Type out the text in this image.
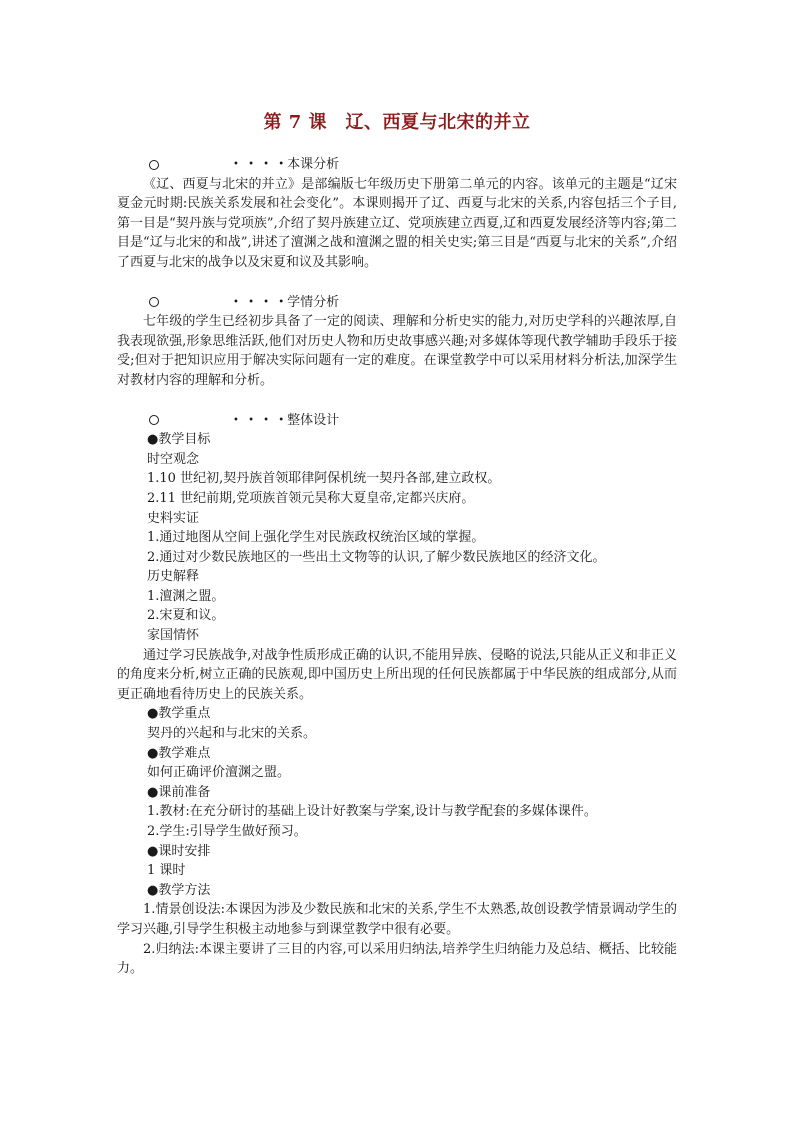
第 7 课　辽、西夏与北宋的并立
• • • • 本课分析

《辽、西夏与北宋的并立》是部编版七年级历史下册第二单元的内容。该单元的主题是“辽宋夏金元时期:民族关系发展和社会变化”。本课则揭开了辽、西夏与北宋的关系,内容包括三个子目,第一目是“契丹族与党项族”,介绍了契丹族建立辽、党项族建立西夏,辽和西夏发展经济等内容;第二目是“辽与北宋的和战”,讲述了澶渊之战和澶渊之盟的相关史实;第三目是“西夏与北宋的关系”,介绍了西夏与北宋的战争以及宋夏和议及其影响。

• • • • 学情分析

七年级的学生已经初步具备了一定的阅读、理解和分析史实的能力,对历史学科的兴趣浓厚,自我表现欲强,形象思维活跃,他们对历史人物和历史故事感兴趣;对多媒体等现代教学辅助手段乐于接受;但对于把知识应用于解决实际问题有一定的难度。在课堂教学中可以采用材料分析法,加深学生对教材内容的理解和分析。

• • • • 整体设计

●教学目标

时空观念

1.10 世纪初,契丹族首领耶律阿保机统一契丹各部,建立政权。

2.11 世纪前期,党项族首领元昊称大夏皇帝,定都兴庆府。

史料实证

1.通过地图从空间上强化学生对民族政权统治区域的掌握。

2.通过对少数民族地区的一些出土文物等的认识,了解少数民族地区的经济文化。

历史解释

1.澶渊之盟。

2.宋夏和议。

家国情怀

通过学习民族战争,对战争性质形成正确的认识,不能用异族、侵略的说法,只能从正义和非正义的角度来分析,树立正确的民族观,即中国历史上所出现的任何民族都属于中华民族的组成部分,从而更正确地看待历史上的民族关系。

●教学重点

契丹的兴起和与北宋的关系。

●教学难点

如何正确评价澶渊之盟。

●课前准备

1.教材:在充分研讨的基础上设计好教案与学案,设计与教学配套的多媒体课件。

2.学生:引导学生做好预习。

●课时安排

1 课时

●教学方法

1.情景创设法:本课因为涉及少数民族和北宋的关系,学生不太熟悉,故创设教学情景调动学生的学习兴趣,引导学生积极主动地参与到课堂教学中很有必要。

2.归纳法:本课主要讲了三目的内容,可以采用归纳法,培养学生归纳能力及总结、概括、比较能力。
